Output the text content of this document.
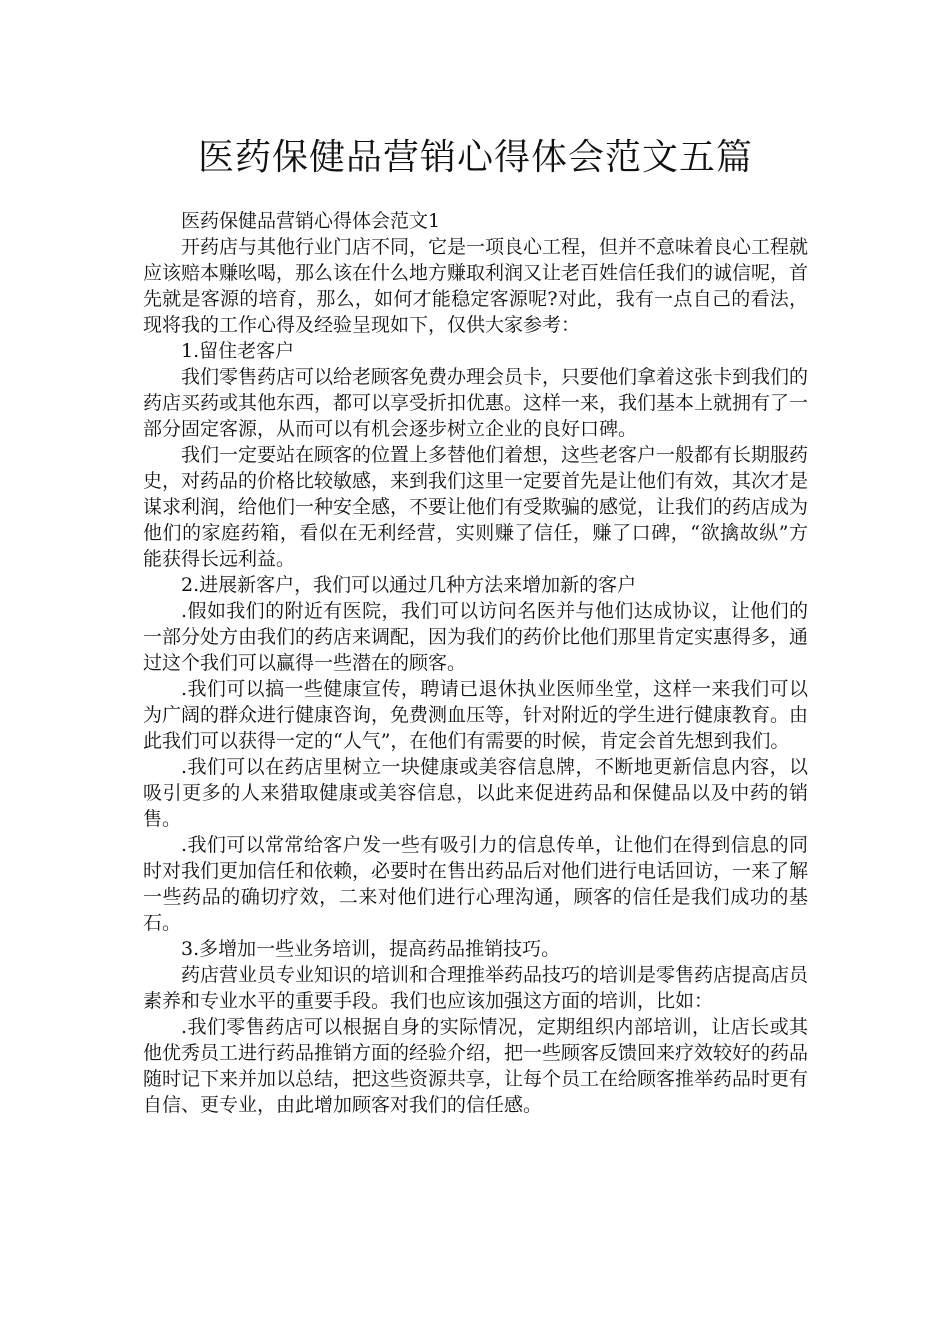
医药保健品营销心得体会范文五篇

医药保健品营销心得体会范文1

开药店与其他行业门店不同，它是一项良心工程，但并不意味着良心工程就应该赔本赚吆喝，那么该在什么地方赚取利润又让老百姓信任我们的诚信呢，首先就是客源的培育，那么，如何才能稳定客源呢?对此，我有一点自己的看法，现将我的工作心得及经验呈现如下，仅供大家参考：

1.留住老客户

我们零售药店可以给老顾客免费办理会员卡，只要他们拿着这张卡到我们的药店买药或其他东西，都可以享受折扣优惠。这样一来，我们基本上就拥有了一部分固定客源，从而可以有机会逐步树立企业的良好口碑。

我们一定要站在顾客的位置上多替他们着想，这些老客户一般都有长期服药史，对药品的价格比较敏感，来到我们这里一定要首先是让他们有效，其次才是谋求利润，给他们一种安全感，不要让他们有受欺骗的感觉，让我们的药店成为他们的家庭药箱，看似在无利经营，实则赚了信任，赚了口碑，“欲擒故纵”方能获得长远利益。

2.进展新客户，我们可以通过几种方法来增加新的客户

.假如我们的附近有医院，我们可以访问名医并与他们达成协议，让他们的一部分处方由我们的药店来调配，因为我们的药价比他们那里肯定实惠得多，通过这个我们可以赢得一些潜在的顾客。

.我们可以搞一些健康宣传，聘请已退休执业医师坐堂，这样一来我们可以为广阔的群众进行健康咨询，免费测血压等，针对附近的学生进行健康教育。由此我们可以获得一定的“人气”，在他们有需要的时候，肯定会首先想到我们。

.我们可以在药店里树立一块健康或美容信息牌，不断地更新信息内容，以吸引更多的人来猎取健康或美容信息，以此来促进药品和保健品以及中药的销售。

.我们可以常常给客户发一些有吸引力的信息传单，让他们在得到信息的同时对我们更加信任和依赖，必要时在售出药品后对他们进行电话回访，一来了解一些药品的确切疗效，二来对他们进行心理沟通，顾客的信任是我们成功的基石。

3.多增加一些业务培训，提高药品推销技巧。

药店营业员专业知识的培训和合理推举药品技巧的培训是零售药店提高店员素养和专业水平的重要手段。我们也应该加强这方面的培训，比如：

.我们零售药店可以根据自身的实际情况，定期组织内部培训，让店长或其他优秀员工进行药品推销方面的经验介绍，把一些顾客反馈回来疗效较好的药品随时记下来并加以总结，把这些资源共享，让每个员工在给顾客推举药品时更有自信、更专业，由此增加顾客对我们的信任感。
